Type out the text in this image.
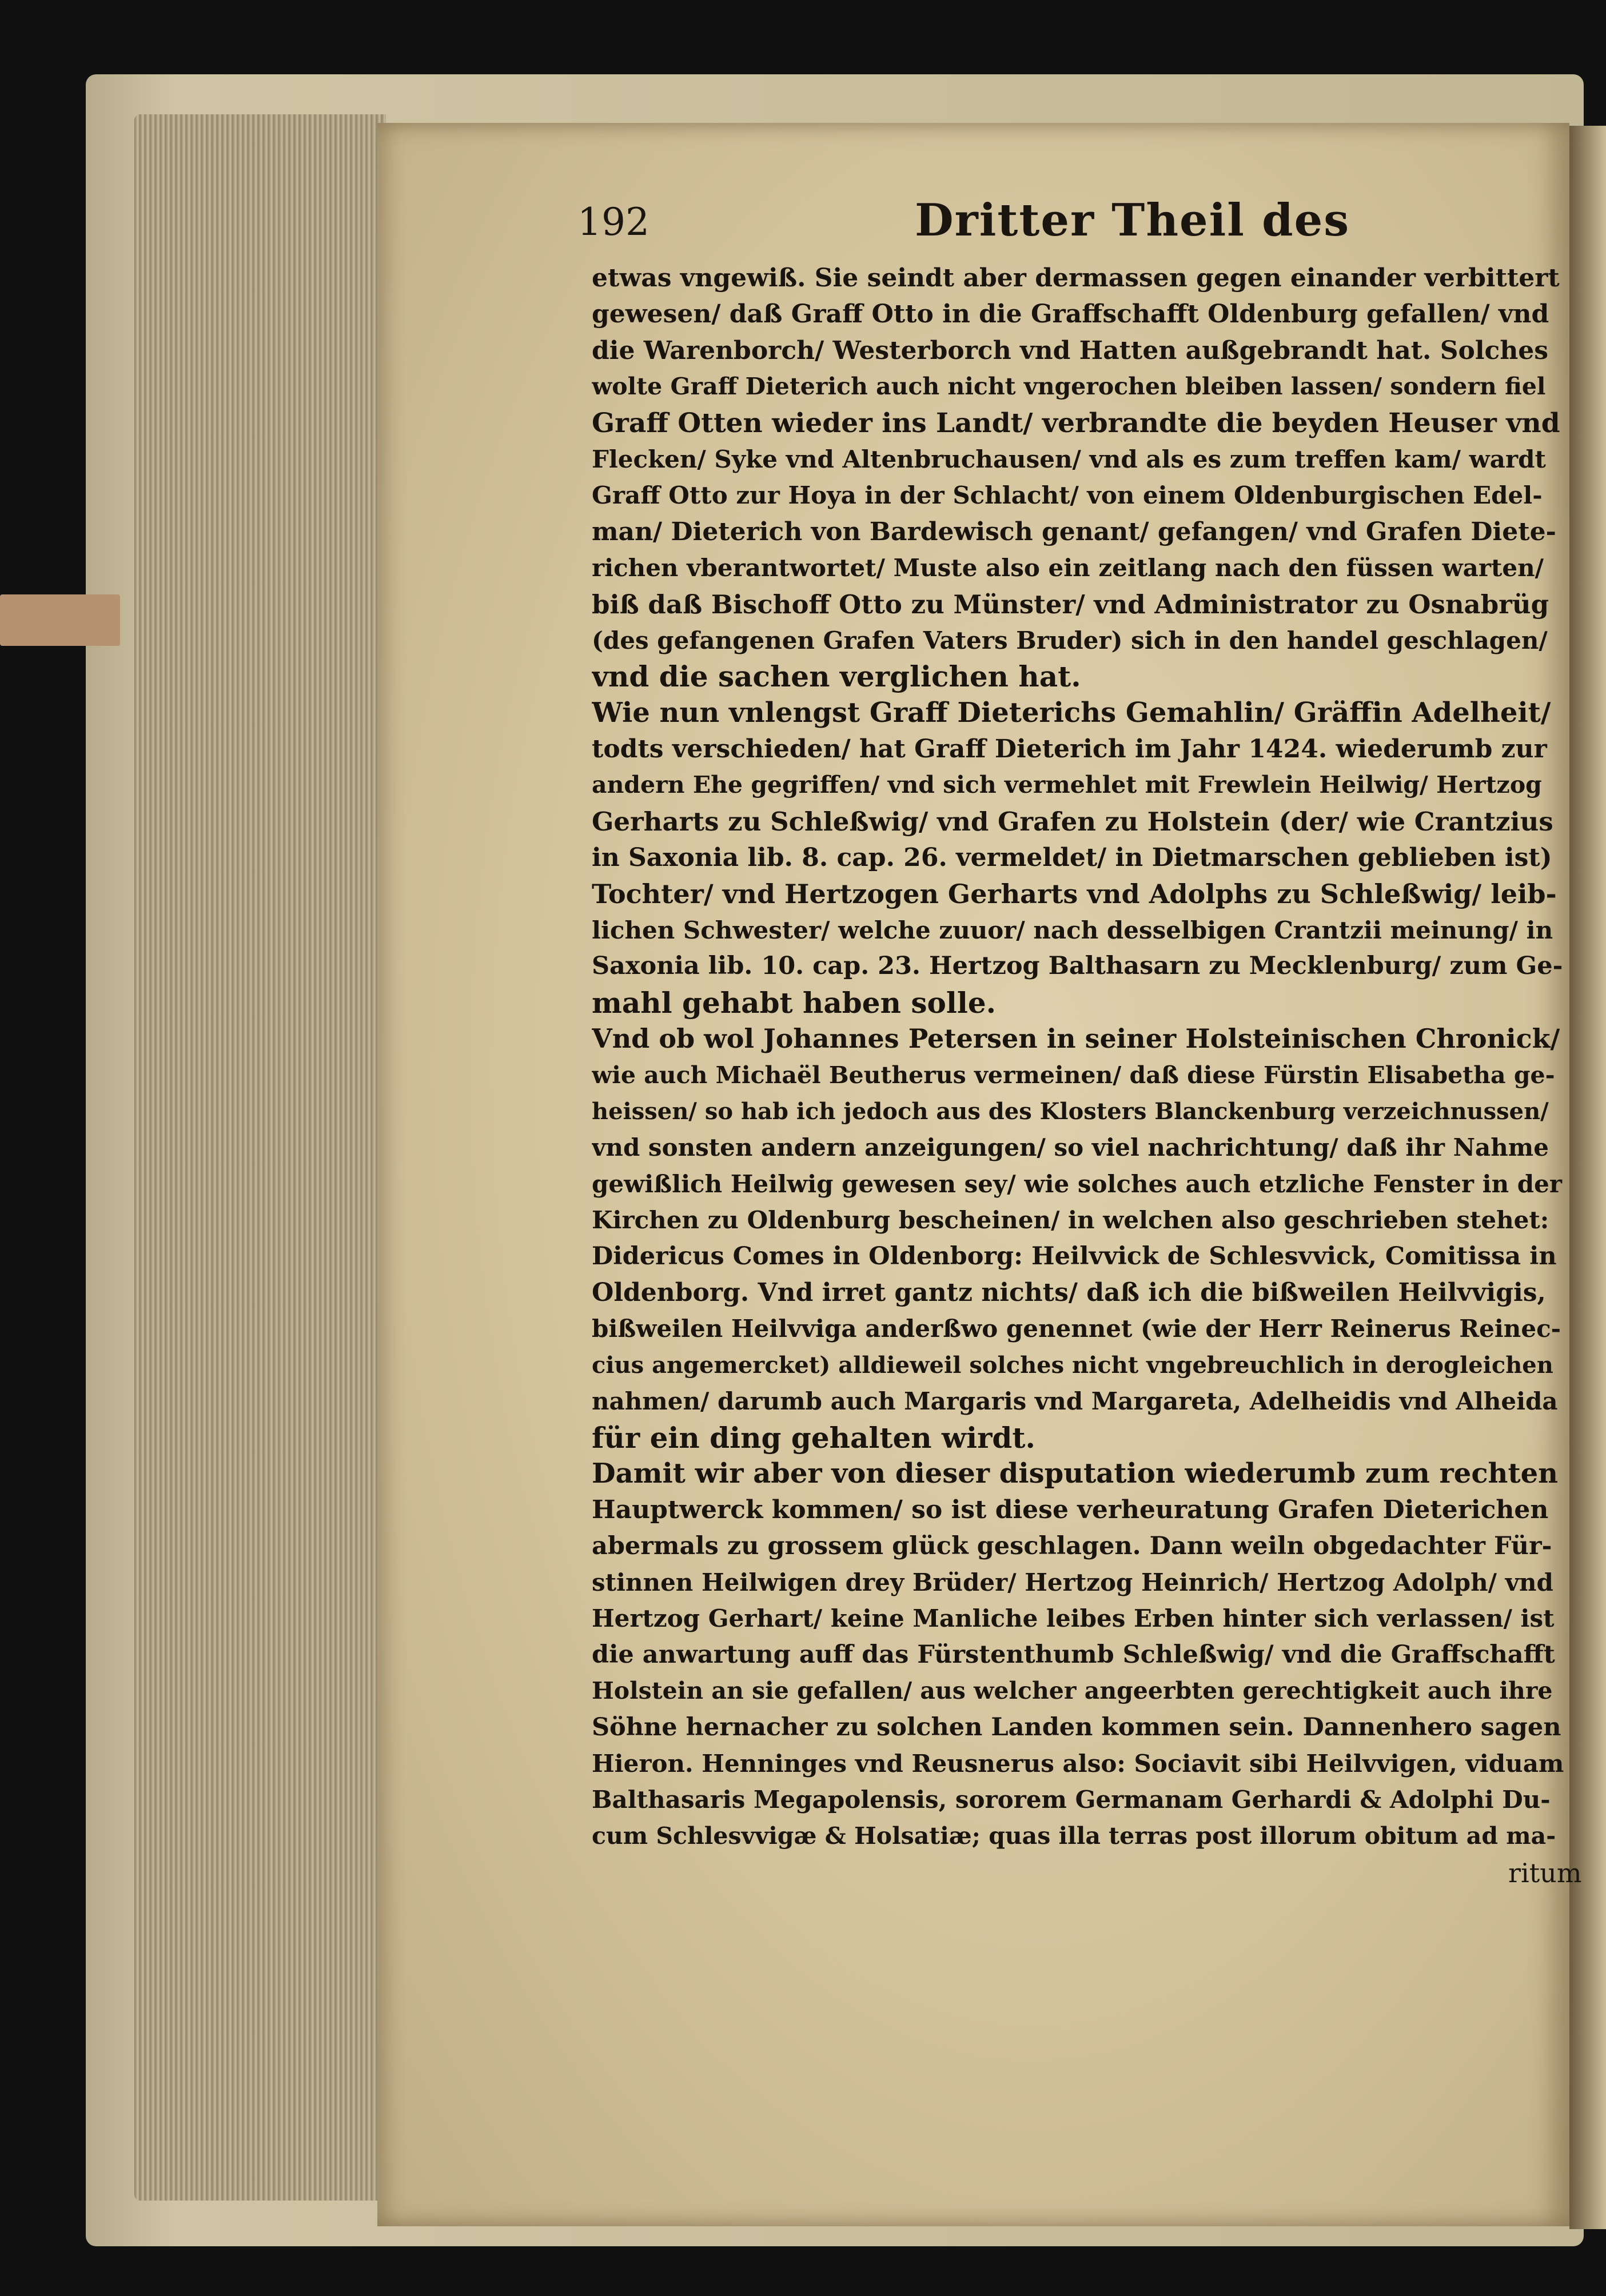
192	Dritter Theil des
etwas vngewiß. Sie seindt aber dermassen gegen einander verbittert
gewesen/ daß Graff Otto in die Graffschafft Oldenburg gefallen/ vnd
die Warenborch/ Westerborch vnd Hatten außgebrandt hat. Solches
wolte Graff Dieterich auch nicht vngerochen bleiben lassen/ sondern fiel
Graff Otten wieder ins Landt/ verbrandte die beyden Heuser vnd
Flecken/ Syke vnd Altenbruchausen/ vnd als es zum treffen kam/ wardt
Graff Otto zur Hoya in der Schlacht/ von einem Oldenburgischen Edel-
man/ Dieterich von Bardewisch genant/ gefangen/ vnd Grafen Diete-
richen vberantwortet/ Muste also ein zeitlang nach den füssen warten/
biß daß Bischoff Otto zu Münster/ vnd Administrator zu Osnabrüg
(des gefangenen Grafen Vaters Bruder) sich in den handel geschlagen/
vnd die sachen verglichen hat.
Wie nun vnlengst Graff Dieterichs Gemahlin/ Gräffin Adelheit/
todts verschieden/ hat Graff Dieterich im Jahr 1424. wiederumb zur
andern Ehe gegriffen/ vnd sich vermehlet mit Frewlein Heilwig/ Hertzog
Gerharts zu Schleßwig/ vnd Grafen zu Holstein (der/ wie Crantzius
in Saxonia lib. 8. cap. 26. vermeldet/ in Dietmarschen geblieben ist)
Tochter/ vnd Hertzogen Gerharts vnd Adolphs zu Schleßwig/ leib-
lichen Schwester/ welche zuuor/ nach desselbigen Crantzii meinung/ in
Saxonia lib. 10. cap. 23. Hertzog Balthasarn zu Mecklenburg/ zum Ge-
mahl gehabt haben solle.
Vnd ob wol Johannes Petersen in seiner Holsteinischen Chronick/
wie auch Michaël Beutherus vermeinen/ daß diese Fürstin Elisabetha ge-
heissen/ so hab ich jedoch aus des Klosters Blanckenburg verzeichnussen/
vnd sonsten andern anzeigungen/ so viel nachrichtung/ daß ihr Nahme
gewißlich Heilwig gewesen sey/ wie solches auch etzliche Fenster in der
Kirchen zu Oldenburg bescheinen/ in welchen also geschrieben stehet:
Didericus Comes in Oldenborg: Heilvvick de Schlesvvick, Comitissa in
Oldenborg. Vnd irret gantz nichts/ daß ich die bißweilen Heilvvigis,
bißweilen Heilvviga anderßwo genennet (wie der Herr Reinerus Reinec-
cius angemercket) alldieweil solches nicht vngebreuchlich in derogleichen
nahmen/ darumb auch Margaris vnd Margareta, Adelheidis vnd Alheida
für ein ding gehalten wirdt.
Damit wir aber von dieser disputation wiederumb zum rechten
Hauptwerck kommen/ so ist diese verheuratung Grafen Dieterichen
abermals zu grossem glück geschlagen. Dann weiln obgedachter Für-
stinnen Heilwigen drey Brüder/ Hertzog Heinrich/ Hertzog Adolph/ vnd
Hertzog Gerhart/ keine Manliche leibes Erben hinter sich verlassen/ ist
die anwartung auff das Fürstenthumb Schleßwig/ vnd die Graffschafft
Holstein an sie gefallen/ aus welcher angeerbten gerechtigkeit auch ihre
Söhne hernacher zu solchen Landen kommen sein. Dannenhero sagen
Hieron. Henninges vnd Reusnerus also: Sociavit sibi Heilvvigen, viduam
Balthasaris Megapolensis, sororem Germanam Gerhardi & Adolphi Du-
cum Schlesvvigæ & Holsatiæ; quas illa terras post illorum obitum ad ma-
ritum
